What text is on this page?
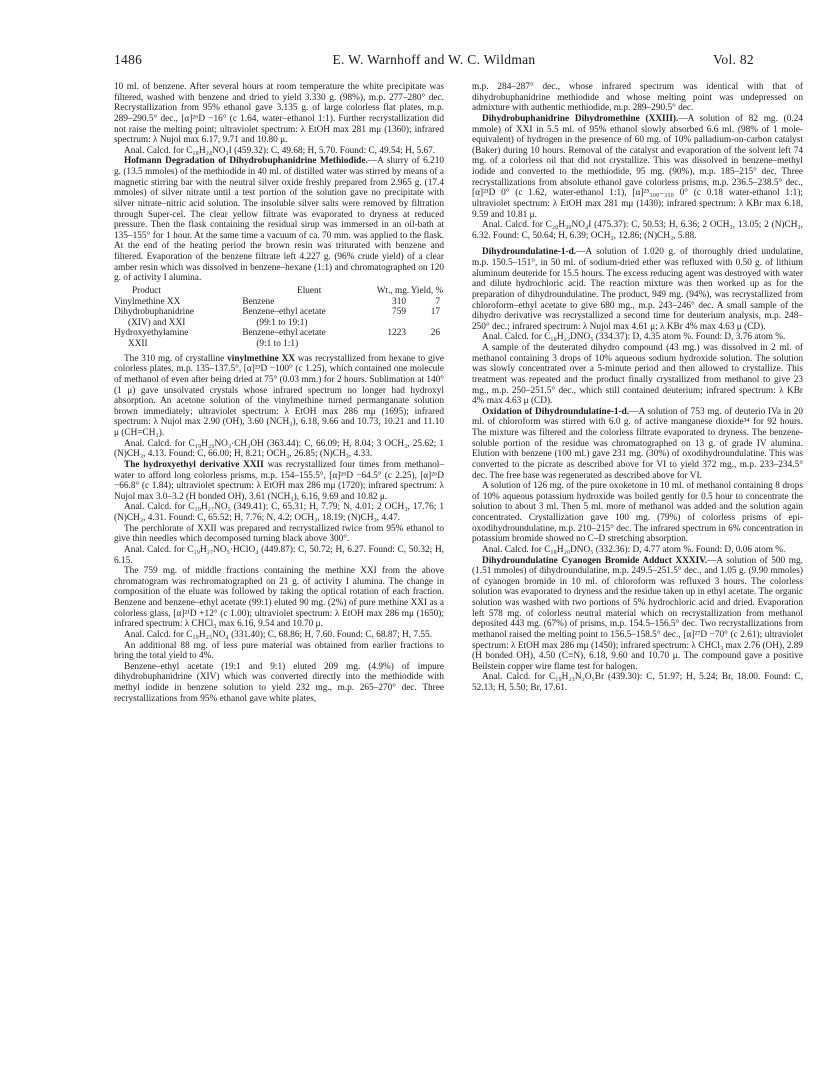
1486	E. W. Warnhoff and W. C. Wildman	Vol. 82

10 ml. of benzene. After several hours at room temperature the white precipitate was filtered, washed with benzene and dried to yield 3.330 g. (98%), m.p. 277–280° dec. Recrystallization from 95% ethanol gave 3.135 g. of large colorless flat plates, m.p. 289–290.5° dec., [α]²⁶D −16° (c 1.64, water–ethanol 1:1). Further recrystallization did not raise the melting point; ultraviolet spectrum: λ EtOH max 281 mμ (1360); infrared spectrum: λ Nujol max 6.17, 9.71 and 10.80 μ.

Anal. Calcd. for C₁₈H₂₄NO₃I (459.32): C, 49.68; H, 5.70. Found: C, 49.54; H, 5.67.

Hofmann Degradation of Dihydrobuphanidrine Methiodide.—A slurry of 6.210 g. (13.5 mmoles) of the methiodide in 40 ml. of distilled water was stirred by means of a magnetic stirring bar with the neutral silver oxide freshly prepared from 2.965 g. (17.4 mmoles) of silver nitrate until a test portion of the solution gave no precipitate with silver nitrate–nitric acid solution. The insoluble silver salts were removed by filtration through Super-cel. The clear yellow filtrate was evaporated to dryness at reduced pressure. Then the flask containing the residual sirup was immersed in an oil-bath at 135–155° for 1 hour. At the same time a vacuum of ca. 70 mm. was applied to the flask. At the end of the heating period the brown resin was triturated with benzene and filtered. Evaporation of the benzene filtrate left 4.227 g. (96% crude yield) of a clear amber resin which was dissolved in benzene–hexane (1:1) and chromatographed on 120 g. of activity I alumina.

Product	Eluent	Wt., mg.	Yield, %
Vinylmethine XX	Benzene	310	7
Dihydrobuphanidrine	Benzene–ethyl acetate	759	17
(XIV) and XXI	(99:1 to 19:1)		
Hydroxyethylamine	Benzene–ethyl acetate	1223	26
XXII	(9:1 to 1:1)		

The 310 mg. of crystalline vinylmethine XX was recrystallized from hexane to give colorless plates, m.p. 135–137.5°, [α]²³D −100° (c 1.25), which contained one molecule of methanol of even after being dried at 75° (0.03 mm.) for 2 hours. Sublimation at 140° (1 μ) gave unsolvated crystals whose infrared spectrum no longer had hydroxyl absorption. An acetone solution of the vinylmethine turned permanganate solution brown immediately; ultraviolet spectrum: λ EtOH max 286 mμ (1695); infrared spectrum: λ Nujol max 2.90 (OH), 3.60 (NCH₃), 6.18, 9.66 and 10.73, 10.21 and 11.10 μ (CH=CH₂).

Anal. Calcd. for C₁₉H₂₅NO₃·CH₃OH (363.44): C, 66.09; H, 8.04; 3 OCH₃, 25.62; 1 (N)CH₃, 4.13. Found: C, 66.00; H, 8.21; OCH₃, 26.85; (N)CH₃, 4.33.

The hydroxyethyl derivative XXII was recrystallized four times from methanol–water to afford long colorless prisms, m.p. 154–155.5°, [α]²⁶D −64.5° (c 2.25), [α]²⁶D −66.8° (c 1.84); ultraviolet spectrum: λ EtOH max 286 mμ (1720); infrared spectrum: λ Nujol max 3.0–3.2 (H bonded OH), 3.61 (NCH₃), 6.16, 9.69 and 10.82 μ.

Anal. Calcd. for C₁₉H₂₇NO₅ (349.41): C, 65.31; H, 7.79; N, 4.01; 2 OCH₃, 17.76; 1 (N)CH₃, 4.31. Found: C, 65.52; H, 7.76; N, 4.2; OCH₃, 18.19; (N)CH₃, 4.47.

The perchlorate of XXII was prepared and recrystallized twice from 95% ethanol to give thin needles which decomposed turning black above 300°.

Anal. Calcd. for C₁₉H₂₇NO₅·HClO₄ (449.87): C, 50.72; H, 6.27. Found: C, 50.32; H, 6.15.

The 759 mg. of middle fractions containing the methine XXI from the above chromatogram was rechromatographed on 21 g. of activity I alumina. The change in composition of the eluate was followed by taking the optical rotation of each fraction. Benzene and benzene–ethyl acetate (99:1) eluted 90 mg. (2%) of pure methine XXI as a colorless glass, [α]²¹D +12° (c 1.00); ultraviolet spectrum: λ EtOH max 286 mμ (1650); infrared spectrum: λ CHCl₃ max 6.16, 9.54 and 10.70 μ.

Anal. Calcd. for C₁₉H₂₅NO₄ (331.40); C, 68.86; H, 7.60. Found: C, 68.87; H, 7.55.

An additional 88 mg. of less pure material was obtained from earlier fractions to bring the total yield to 4%.

Benzene–ethyl acetate (19:1 and 9:1) eluted 209 mg. (4.9%) of impure dihydrobuphanidrine (XIV) which was converted directly into the methiodide with methyl iodide in benzene solution to yield 232 mg., m.p. 265–270° dec. Three recrystallizations from 95% ethanol gave white plates,

m.p. 284–287° dec., whose infrared spectrum was identical with that of dihydrobuphanidrine methiodide and whose melting point was undepressed on admixture with authentic methiodide, m.p. 289–290.5° dec.

Dihydrobuphanidrine Dihydromethine (XXIII).—A solution of 82 mg. (0.24 mmole) of XXI in 5.5 ml. of 95% ethanol slowly absorbed 6.6 ml. (98% of 1 mole-equivalent) of hydrogen in the presence of 60 mg. of 10% palladium-on-carbon catalyst (Baker) during 10 hours. Removal of the catalyst and evaporation of the solvent left 74 mg. of a colorless oil that did not crystallize. This was dissolved in benzene–methyl iodide and converted to the methiodide, 95 mg. (90%), m.p. 185–215° dec. Three recrystallizations from absolute ethanol gave colorless prisms, m.p. 236.5–238.5° dec., [α]²¹D 0° (c 1.62, water-ethanol 1:1), [α]²⁵₃₀₀₋₃₅₀ 0° (c 0.18 water-ethanol 1:1); ultraviolet spectrum: λ EtOH max 281 mμ (1430); infrared spectrum: λ KBr max 6.18, 9.59 and 10.81 μ.

Anal. Calcd. for C₂₀H₃₀NO₄I (475.37): C, 50.53; H, 6.36; 2 OCH₃, 13.05; 2 (N)CH₃, 6.32. Found: C, 50.64; H, 6.39; OCH₃, 12.86; (N)CH₃, 5.88.

Dihydroundulatine-1-d.—A solution of 1.020 g. of thoroughly dried undulatine, m.p. 150.5–151°, in 50 ml. of sodium-dried ether was refluxed with 0.50 g. of lithium aluminum deuteride for 15.5 hours. The excess reducing agent was destroyed with water and dilute hydrochloric acid. The reaction mixture was then worked up as for the preparation of dihydroundulatine. The product, 949 mg. (94%), was recrystallized from chloroform–ethyl acetate to give 680 mg., m.p. 243–246° dec. A small sample of the dihydro derivative was recrystallized a second time for deuterium analysis, m.p. 248–250° dec.; infrared spectrum: λ Nujol max 4.61 μ; λ KBr 4% max 4.63 μ (CD).

Anal. Calcd. for C₁₈H₂₂DNO₅ (334.37): D, 4.35 atom %. Found: D, 3.76 atom %.

A sample of the deuterated dihydro compound (43 mg.) was dissolved in 2 ml. of methanol containing 3 drops of 10% aqueous sodium hydroxide solution. The solution was slowly concentrated over a 5-minute period and then allowed to crystallize. This treatment was repeated and the product finally crystallized from methanol to give 23 mg., m.p. 250–251.5° dec., which still contained deuterium; infrared spectrum: λ KBr 4% max 4.63 μ (CD).

Oxidation of Dihydroundulatine-1-d.—A solution of 753 mg. of deuterio IVa in 20 ml. of chloroform was stirred with 6.0 g. of active manganese dioxide³⁴ for 92 hours. The mixture was filtered and the colorless filtrate evaporated to dryness. The benzene-soluble portion of the residue was chromatographed on 13 g. of grade IV alumina. Elution with benzene (100 ml.) gave 231 mg. (30%) of oxodihydroundulatine. This was converted to the picrate as described above for VI to yield 372 mg., m.p. 233–234.5° dec. The free base was regenerated as described above for VI.

A solution of 126 mg. of the pure oxoketone in 10 ml. of methanol containing 8 drops of 10% aqueous potassium hydroxide was boiled gently for 0.5 hour to concentrate the solution to about 3 ml. Then 5 ml. more of methanol was added and the solution again concentrated. Crystallization gave 100 mg. (79%) of colorless prisms of epi-oxodihydroundulatine, m.p. 210–215° dec. The infrared spectrum in 6% concentration in potassium bromide showed no C–D stretching absorption.

Anal. Calcd. for C₁₈H₂₀DNO₅ (332.36): D, 4.77 atom %. Found: D, 0.06 atom %.

Dihydroundulatine Cyanogen Bromide Adduct XXXIV.—A solution of 500 mg. (1.51 mmoles) of dihydroundulatine, m.p. 249.5–251.5° dec., and 1.05 g. (9.90 mmoles) of cyanogen bromide in 10 ml. of chloroform was refluxed 3 hours. The colorless solution was evaporated to dryness and the residue taken up in ethyl acetate. The organic solution was washed with two portions of 5% hydrochloric acid and dried. Evaporation left 578 mg. of colorless neutral material which on recrystallization from methanol deposited 443 mg. (67%) of prisms, m.p. 154.5–156.5° dec. Two recrystallizations from methanol raised the melting point to 156.5–158.5° dec., [α]²⁷D −70° (c 2.61); ultraviolet spectrum: λ EtOH max 286 mμ (1450); infrared spectrum: λ CHCl₃ max 2.76 (OH), 2.89 (H bonded OH), 4.50 (C≡N), 6.18, 9.60 and 10.70 μ. The compound gave a positive Beilstein copper wire flame test for halogen.

Anal. Calcd. for C₁₉H₂₃N₂O₅Br (439.30): C, 51.97; H, 5.24; Br, 18.00. Found: C, 52.13; H, 5.50; Br, 17.61.
